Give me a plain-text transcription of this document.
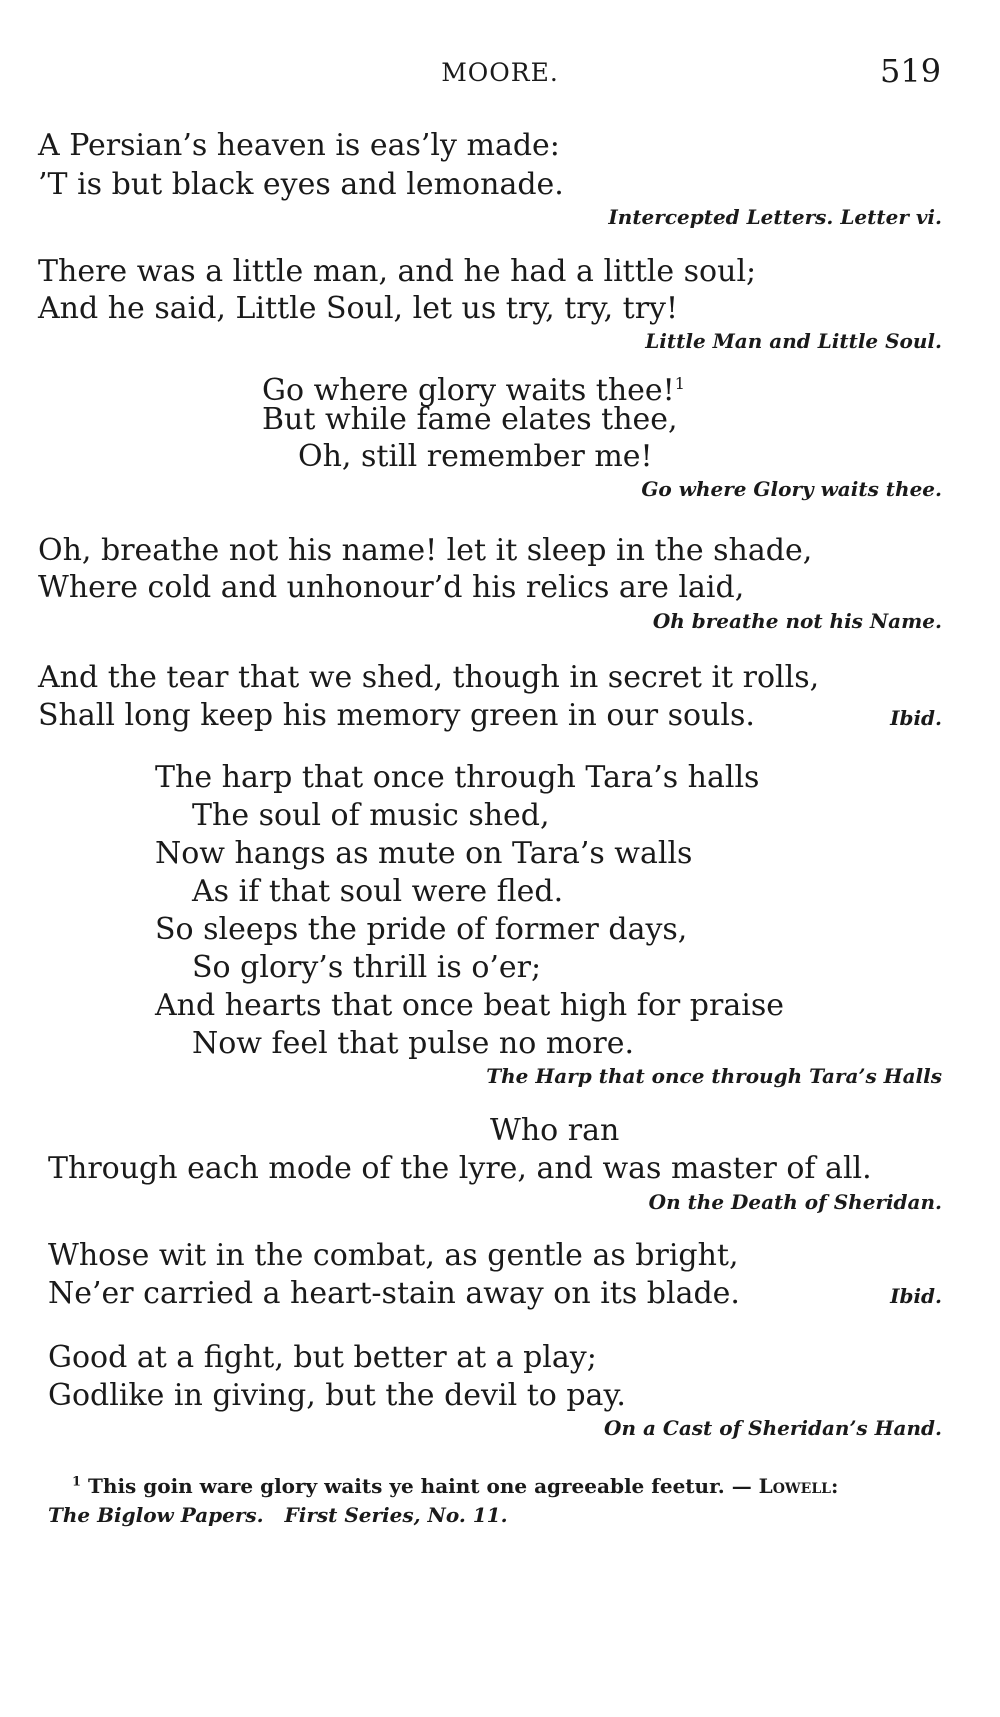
MOORE.	519
A Persian’s heaven is eas’ly made:
’T is but black eyes and lemonade.
Intercepted Letters. Letter vi.
There was a little man, and he had a little soul;
And he said, Little Soul, let us try, try, try!
Little Man and Little Soul.
Go where glory waits thee!$^1$
But while fame elates thee,
Oh, still remember me!
Go where Glory waits thee.
Oh, breathe not his name! let it sleep in the shade,
Where cold and unhonour’d his relics are laid,
Oh breathe not his Name.
And the tear that we shed, though in secret it rolls,
Shall long keep his memory green in our souls.	Ibid.
The harp that once through Tara’s halls
The soul of music shed,
Now hangs as mute on Tara’s walls
As if that soul were fled.
So sleeps the pride of former days,
So glory’s thrill is o’er;
And hearts that once beat high for praise
Now feel that pulse no more.
The Harp that once through Tara’s Halls
Who ran
Through each mode of the lyre, and was master of all.
On the Death of Sheridan.
Whose wit in the combat, as gentle as bright,
Ne’er carried a heart-stain away on its blade.	Ibid.
Good at a fight, but better at a play;
Godlike in giving, but the devil to pay.
On a Cast of Sheridan’s Hand.
$^1$ This goin ware glory waits ye haint one agreeable feetur. — Lowell:
The Biglow Papers. First Series, No. 11.
